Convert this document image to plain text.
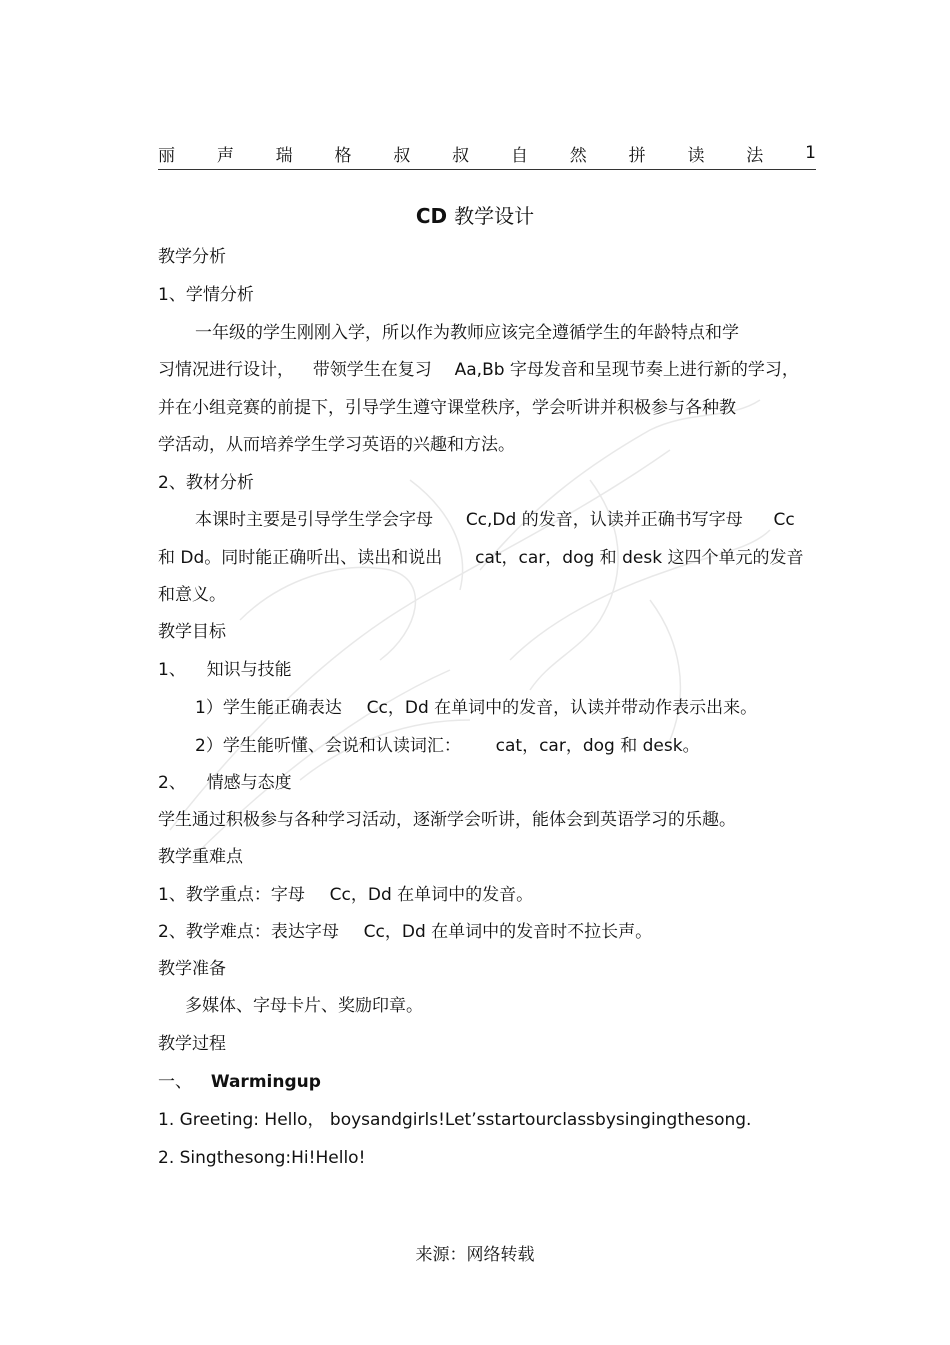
丽 声 瑞 格 叔 叔 自 然 拼 读 法 1
CD 教学设计
教学分析
1、学情分析
一年级的学生刚刚入学，所以作为教师应该完全遵循学生的年龄特点和学
习情况进行设计， 带领学生在复习 Aa,Bb 字母发音和呈现节奏上进行新的学习，
并在小组竞赛的前提下，引导学生遵守课堂秩序，学会听讲并积极参与各种教
学活动，从而培养学生学习英语的兴趣和方法。
2、教材分析
本课时主要是引导学生学会字母 Cc,Dd 的发音，认读并正确书写字母 Cc
和 Dd。同时能正确听出、读出和说出 cat，car，dog 和 desk 这四个单元的发音
和意义。
教学目标
1、 知识与技能
1）学生能正确表达 Cc，Dd 在单词中的发音，认读并带动作表示出来。
2）学生能听懂、会说和认读词汇： cat，car，dog 和 desk。
2、 情感与态度
学生通过积极参与各种学习活动，逐渐学会听讲，能体会到英语学习的乐趣。
教学重难点
1、教学重点：字母 Cc，Dd 在单词中的发音。
2、教学难点：表达字母 Cc，Dd 在单词中的发音时不拉长声。
教学准备
多媒体、字母卡片、奖励印章。
教学过程
一、 Warmingup
1. Greeting: Hello， boysandgirls!Let’sstartourclassbysingingthesong.
2. Singthesong:Hi!Hello!
来源：网络转载
